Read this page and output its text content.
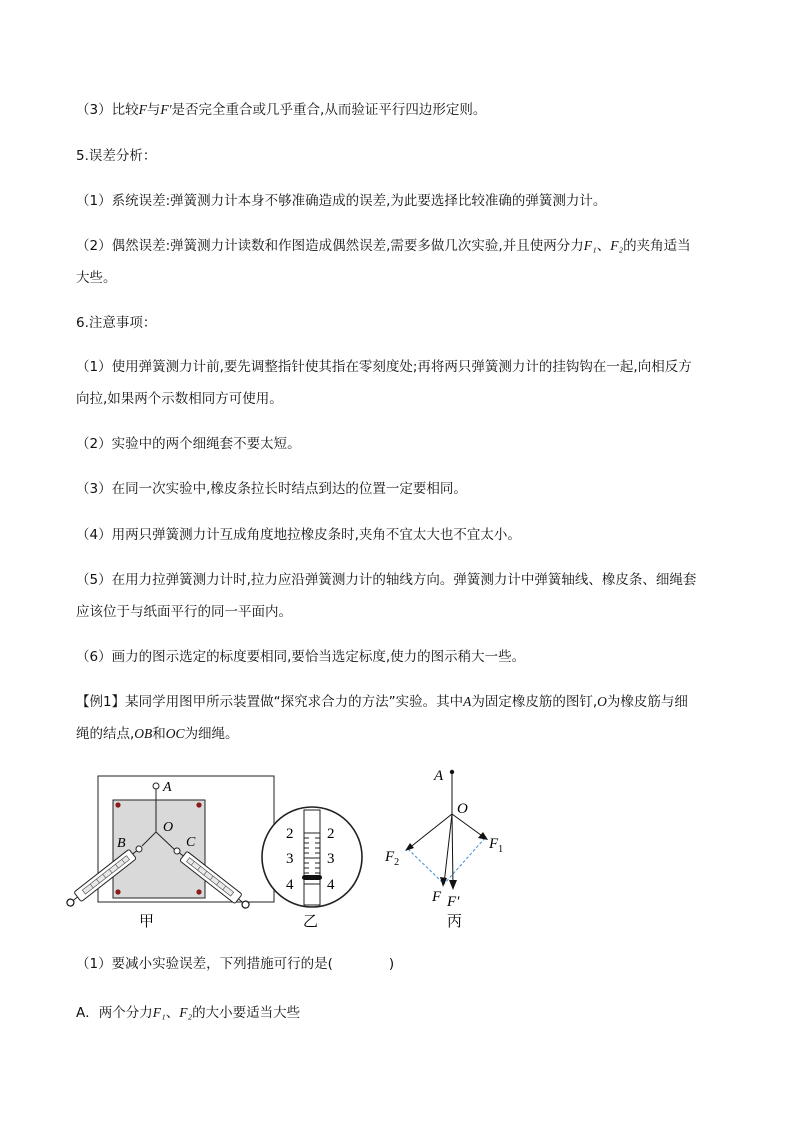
（3）比较F与F′是否完全重合或几乎重合,从而验证平行四边形定则。
5.误差分析：
（1）系统误差:弹簧测力计本身不够准确造成的误差,为此要选择比较准确的弹簧测力计。
（2）偶然误差:弹簧测力计读数和作图造成偶然误差,需要多做几次实验,并且使两分力F₁、F₂的夹角适当
大些。
6.注意事项：
（1）使用弹簧测力计前,要先调整指针使其指在零刻度处;再将两只弹簧测力计的挂钩钩在一起,向相反方
向拉,如果两个示数相同方可使用。
（2）实验中的两个细绳套不要太短。
（3）在同一次实验中,橡皮条拉长时结点到达的位置一定要相同。
（4）用两只弹簧测力计互成角度地拉橡皮条时,夹角不宜太大也不宜太小。
（5）在用力拉弹簧测力计时,拉力应沿弹簧测力计的轴线方向。弹簧测力计中弹簧轴线、橡皮条、细绳套
应该位于与纸面平行的同一平面内。
（6）画力的图示选定的标度要相同,要恰当选定标度,使力的图示稍大一些。
【例1】某同学用图甲所示装置做“探究求合力的方法”实验。其中A为固定橡皮筋的图钉,O为橡皮筋与细
绳的结点,OB和OC为细绳。
A
O
B	C
甲
2
3
4
2
3
4
乙
A
O
$F_1$
$F_2$
F F′
丙
（1）要减小实验误差，下列措施可行的是(	)
A．两个分力F₁、F₂的大小要适当大些
